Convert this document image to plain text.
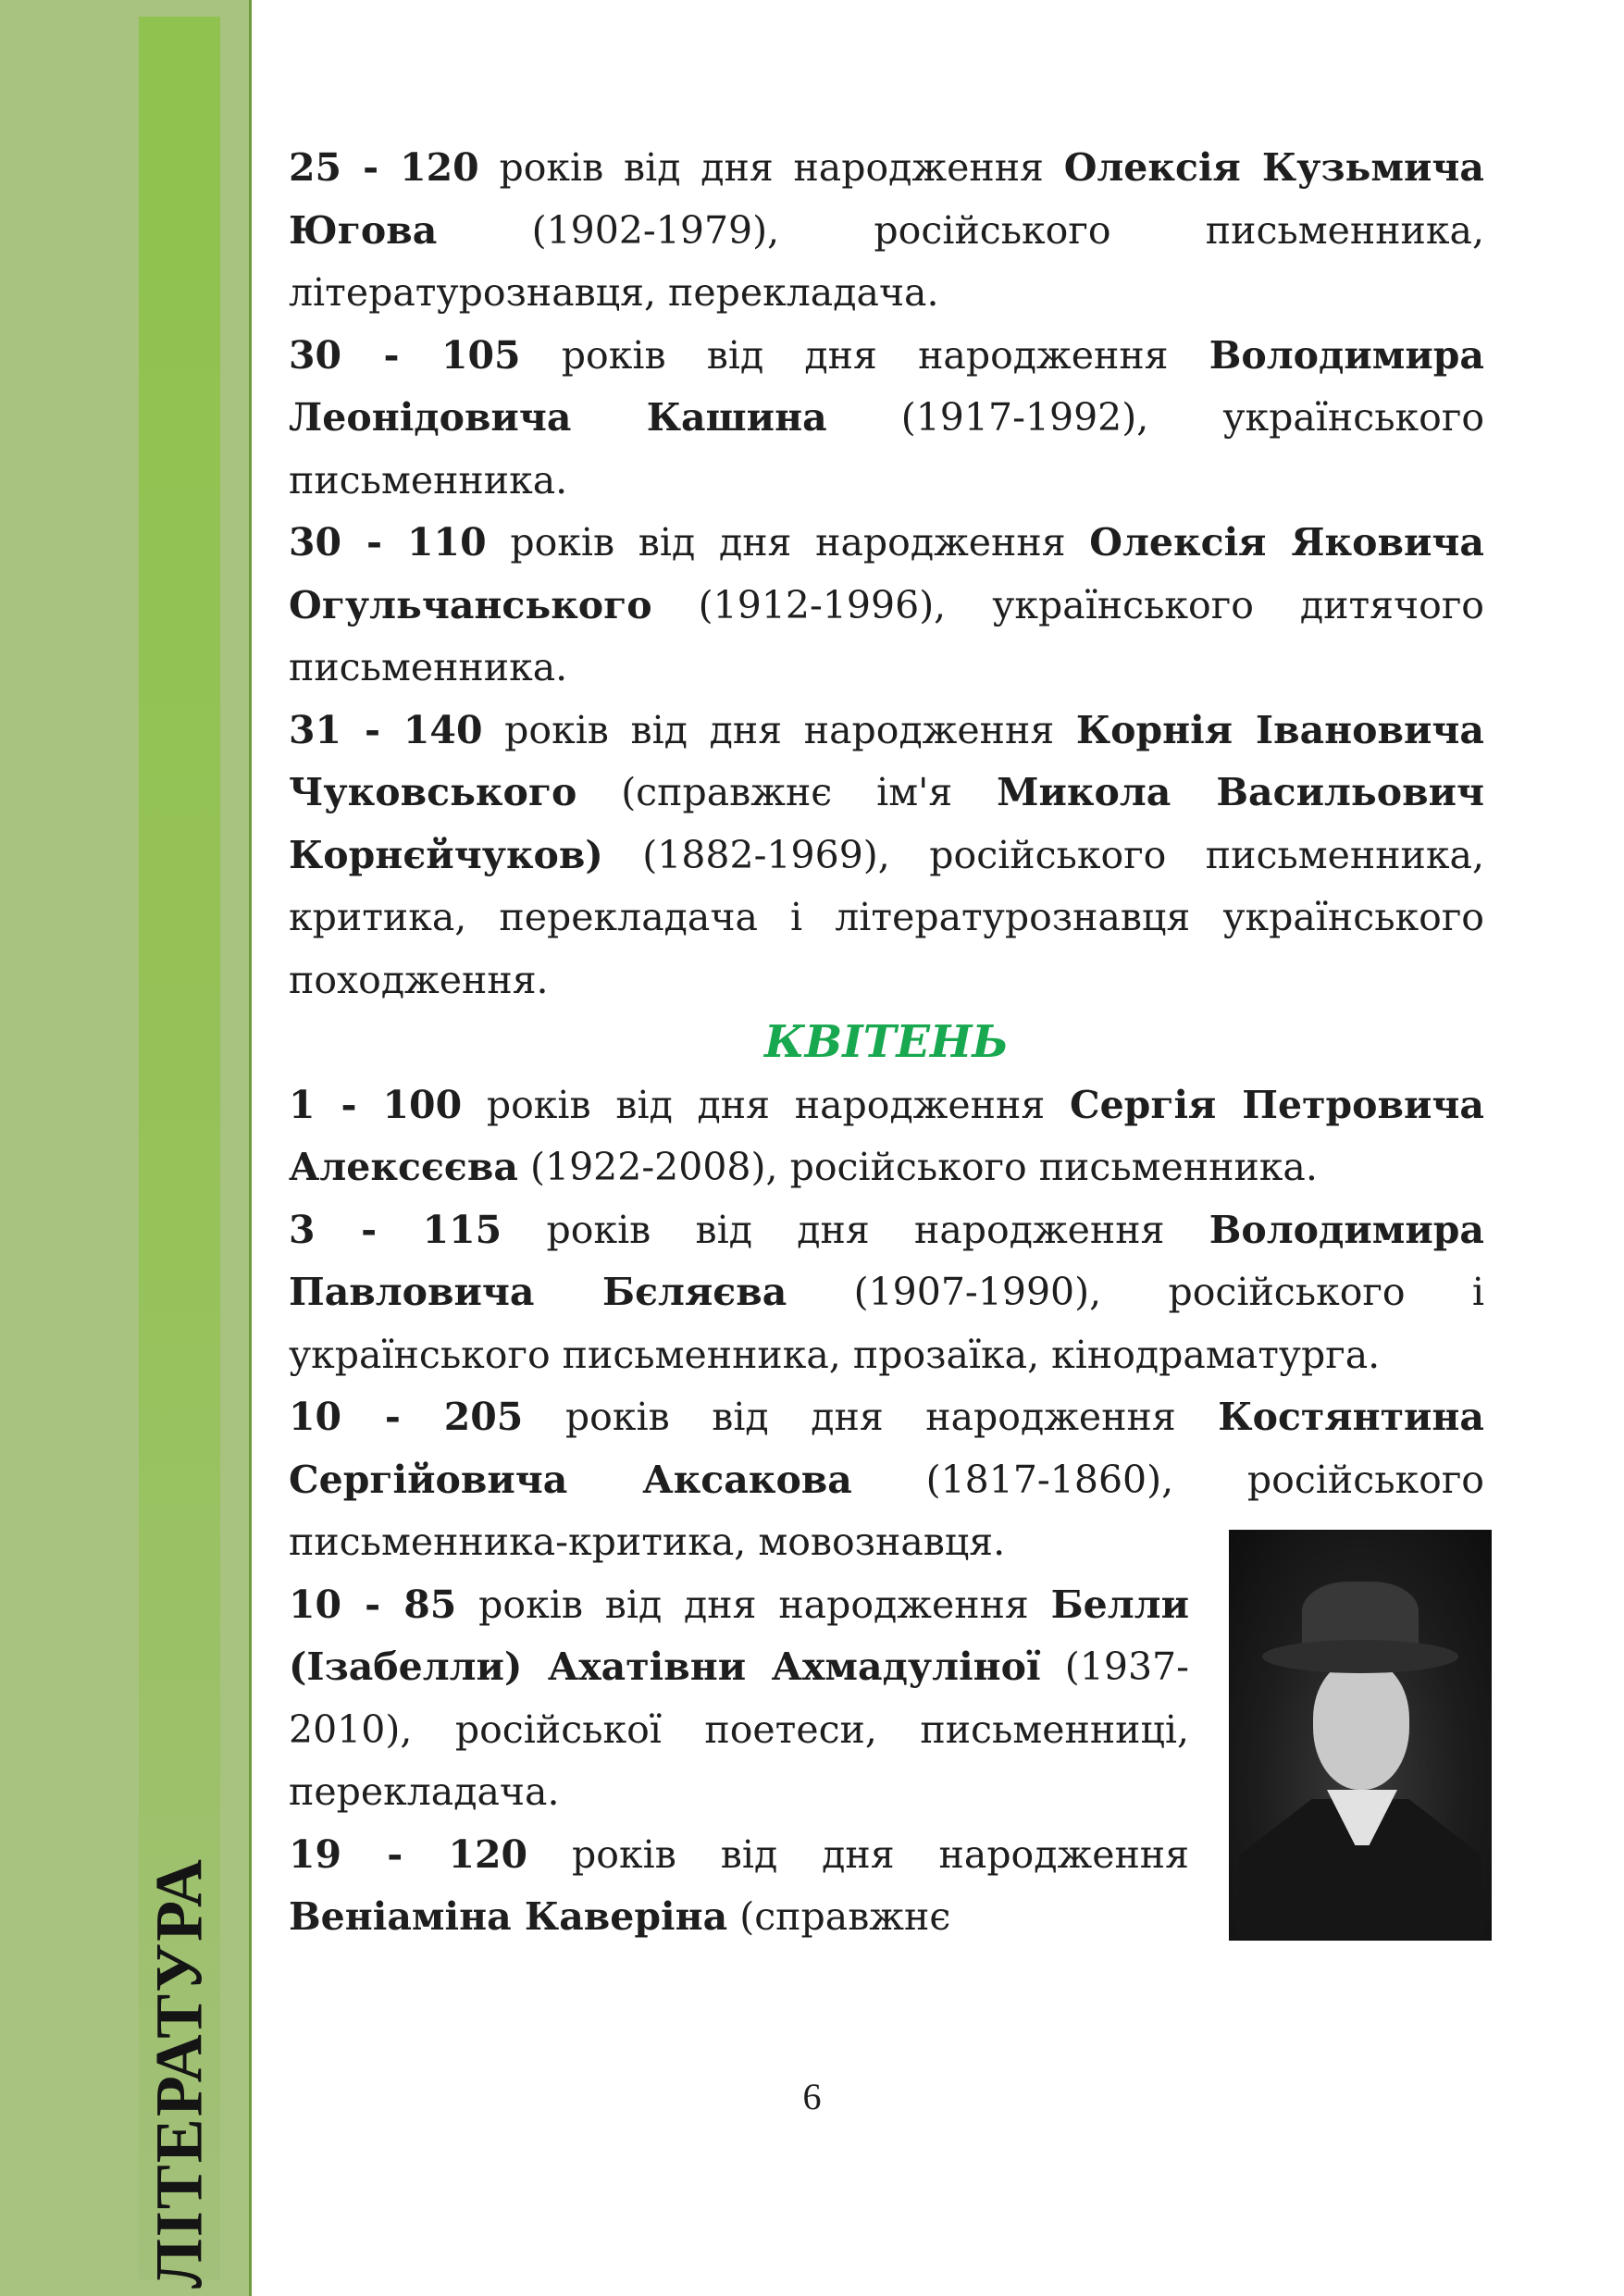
ЛІТЕРАТУРА

25 - 120 років від дня народження Олексія Кузьмича Югова (1902-1979), російського письменника, літературознавця, перекладача.

30 - 105 років від дня народження Володимира Леонідовича Кашина (1917-1992), українського письменника.

30 - 110 років від дня народження Олексія Яковича Огульчанського (1912-1996), українського дитячого письменника.

31 - 140 років від дня народження Корнія Івановича Чуковського (справжнє ім'я Микола Васильович Корнєйчуков) (1882-1969), російського письменника, критика, перекладача і літературознавця українського походження.

КВІТЕНЬ

1 - 100 років від дня народження Сергія Петровича Алексєєва (1922-2008), російського письменника.

3 - 115 років від дня народження Володимира Павловича Бєляєва (1907-1990), російського і українського письменника, прозаїка, кінодраматурга.

10 - 205 років від дня народження Костянтина Сергійовича Аксакова (1817-1860), російського письменника-критика, мовознавця.

10 - 85 років від дня народження Белли (Ізабелли) Ахатівни Ахмадуліної (1937-2010), російської поетеси, письменниці, перекладача.

19 - 120 років від дня народження Веніаміна Каверіна (справжнє

6
